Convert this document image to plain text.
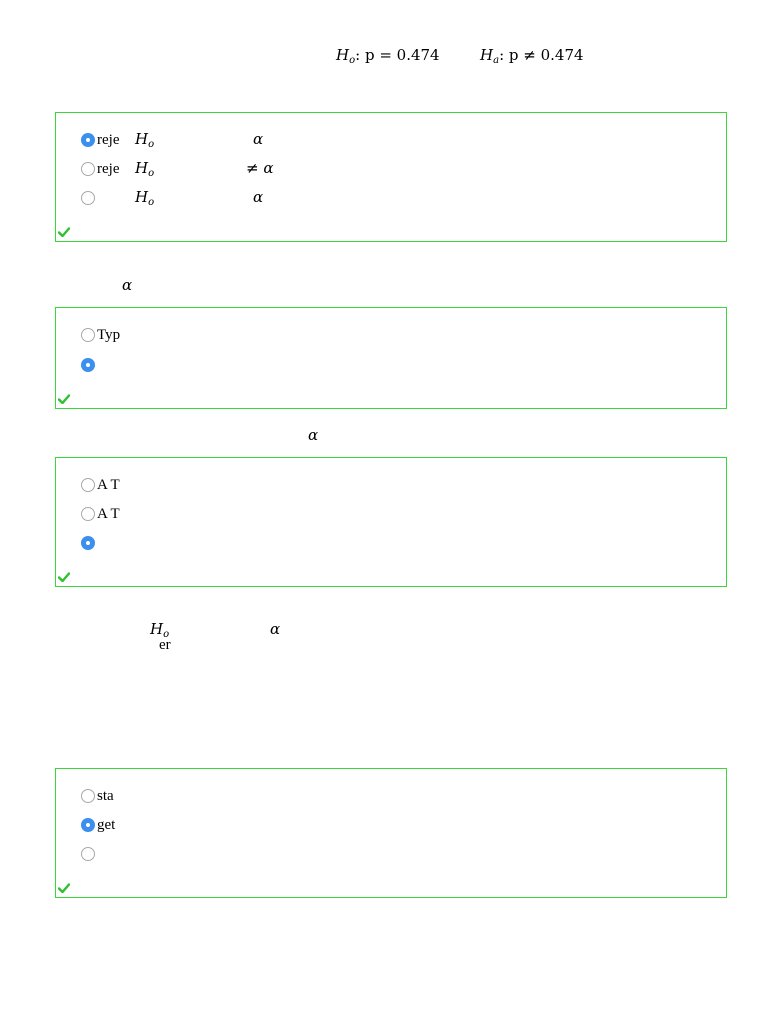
$H_o$: p = 0.474	$H_a$: p ≠ 0.474
reje $H_o$	α
reje $H_o$	≠ α
$H_o$	α
α
Typ
α
A T
A T
$H_o$	α
er
sta
get
